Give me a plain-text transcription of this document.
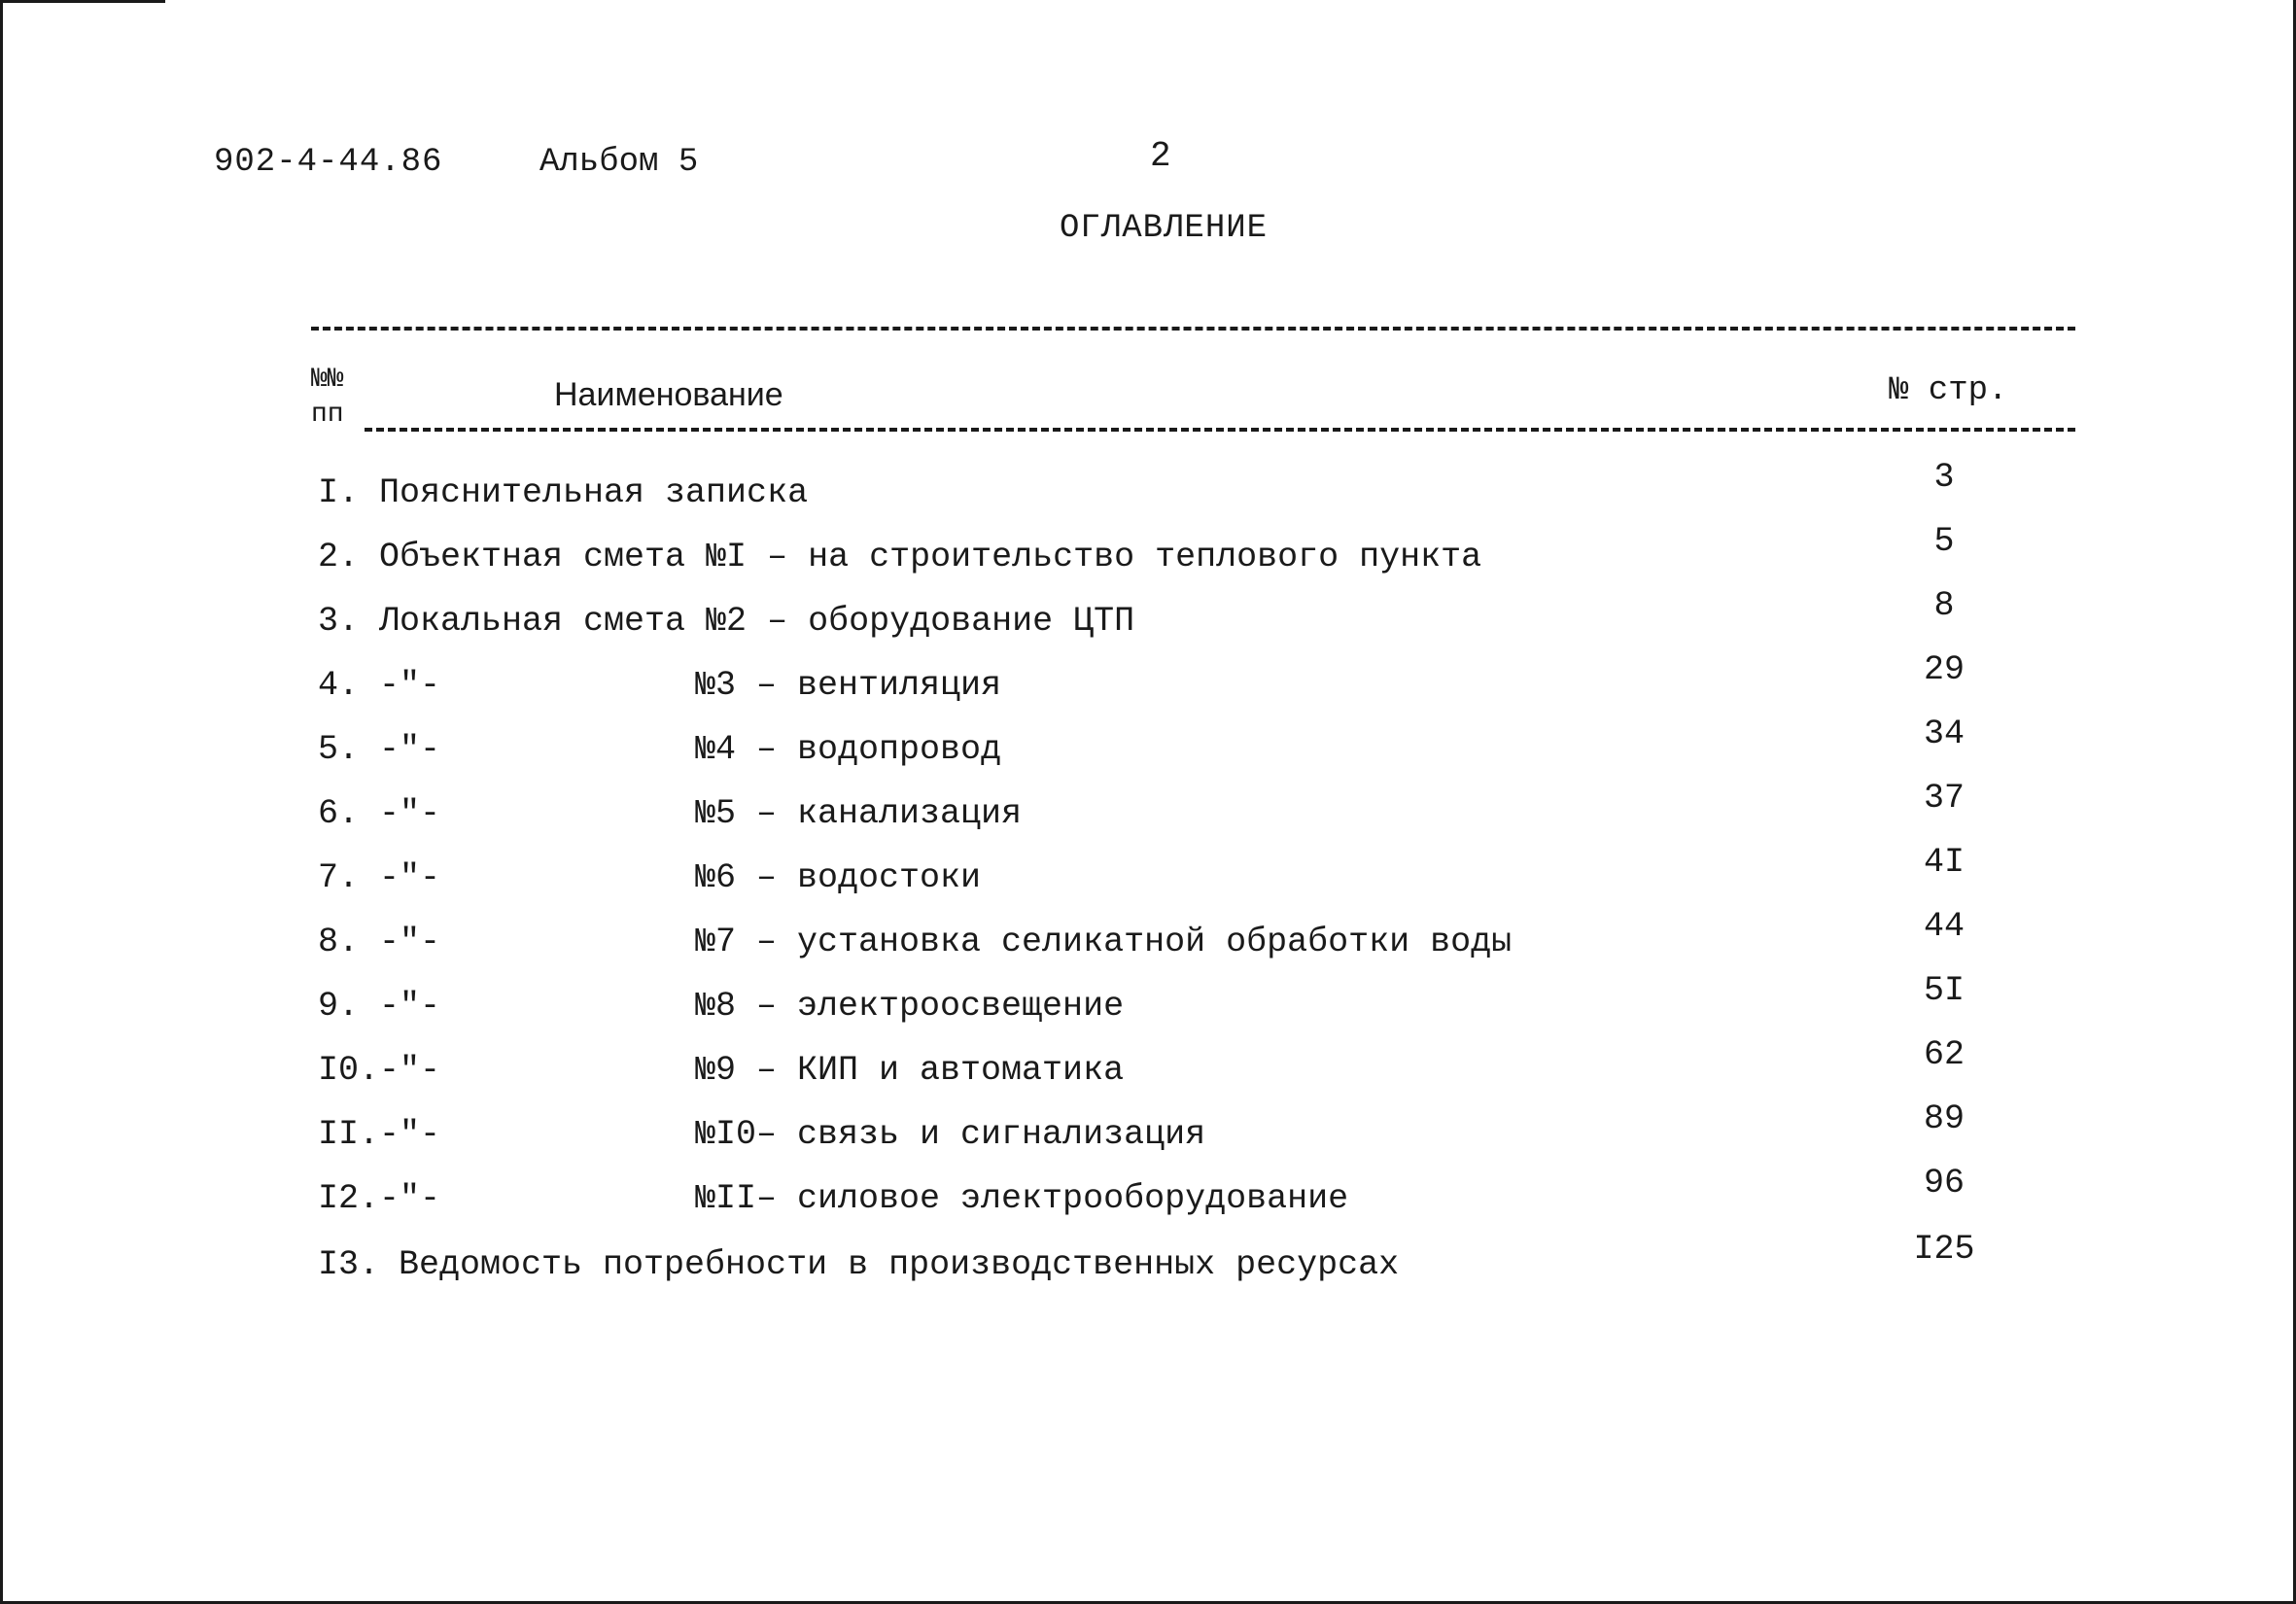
902-4-44.86	Альбом 5	2
ОГЛАВЛЕНИЕ
№№
пп
Наименование	№ стр.
I. Пояснительная записка	3
2. Объектная смета №I – на строительство теплового пункта	5
3. Локальная смета №2 – оборудование ЦТП	8
4. -"-	№3 – вентиляция	29
5. -"-	№4 – водопровод	34
6. -"-	№5 – канализация	37
7. -"-	№6 – водостоки	4I
8. -"-	№7 – установка селикатной обработки воды	44
9. -"-	№8 – электроосвещение	5I
I0. -"-	№9 – КИП и автоматика	62
II. -"-	№I0– связь и сигнализация	89
I2. -"-	№II– силовое электрооборудование	96
I3. Ведомость потребности в производственных ресурсах	I25
